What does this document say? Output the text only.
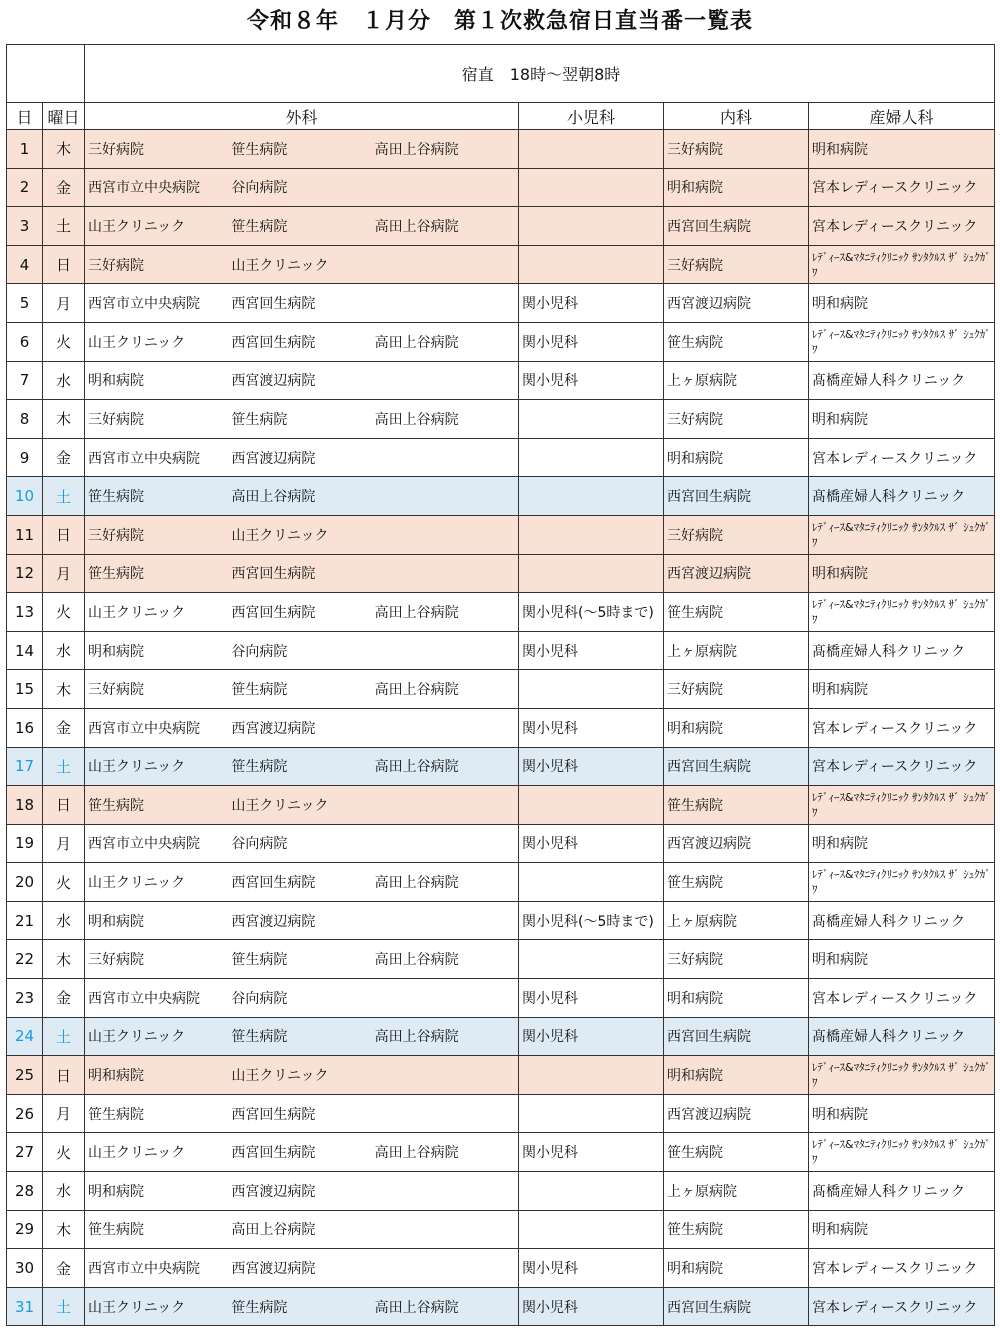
令和８年　１月分　第１次救急宿日直当番一覧表
		宿直　18時～翌朝8時			
日	曜日	外科	小児科	内科	産婦人科
1	木	三好病院 笹生病院 高田上谷病院		三好病院	明和病院
2	金	西宮市立中央病院 谷向病院		明和病院	宮本レディースクリニック
3	土	山王クリニック 笹生病院 高田上谷病院		西宮回生病院	宮本レディースクリニック
4	日	三好病院 山王クリニック		三好病院	ﾚﾃﾞｨｰｽ&ﾏﾀﾆﾃｨｸﾘﾆｯｸ ｻﾝﾀｸﾙｽ ｻﾞ ｼｭｸｶﾞﾜ
5	月	西宮市立中央病院 西宮回生病院	関小児科	西宮渡辺病院	明和病院
6	火	山王クリニック 西宮回生病院 高田上谷病院	関小児科	笹生病院	ﾚﾃﾞｨｰｽ&ﾏﾀﾆﾃｨｸﾘﾆｯｸ ｻﾝﾀｸﾙｽ ｻﾞ ｼｭｸｶﾞﾜ
7	水	明和病院 西宮渡辺病院	関小児科	上ヶ原病院	髙橋産婦人科クリニック
8	木	三好病院 笹生病院 高田上谷病院		三好病院	明和病院
9	金	西宮市立中央病院 西宮渡辺病院		明和病院	宮本レディースクリニック
10	土	笹生病院 高田上谷病院		西宮回生病院	髙橋産婦人科クリニック
11	日	三好病院 山王クリニック		三好病院	ﾚﾃﾞｨｰｽ&ﾏﾀﾆﾃｨｸﾘﾆｯｸ ｻﾝﾀｸﾙｽ ｻﾞ ｼｭｸｶﾞﾜ
12	月	笹生病院 西宮回生病院		西宮渡辺病院	明和病院
13	火	山王クリニック 西宮回生病院 高田上谷病院	関小児科(～5時まで)	笹生病院	ﾚﾃﾞｨｰｽ&ﾏﾀﾆﾃｨｸﾘﾆｯｸ ｻﾝﾀｸﾙｽ ｻﾞ ｼｭｸｶﾞﾜ
14	水	明和病院 谷向病院	関小児科	上ヶ原病院	髙橋産婦人科クリニック
15	木	三好病院 笹生病院 高田上谷病院		三好病院	明和病院
16	金	西宮市立中央病院 西宮渡辺病院	関小児科	明和病院	宮本レディースクリニック
17	土	山王クリニック 笹生病院 高田上谷病院	関小児科	西宮回生病院	宮本レディースクリニック
18	日	笹生病院 山王クリニック		笹生病院	ﾚﾃﾞｨｰｽ&ﾏﾀﾆﾃｨｸﾘﾆｯｸ ｻﾝﾀｸﾙｽ ｻﾞ ｼｭｸｶﾞﾜ
19	月	西宮市立中央病院 谷向病院	関小児科	西宮渡辺病院	明和病院
20	火	山王クリニック 西宮回生病院 高田上谷病院		笹生病院	ﾚﾃﾞｨｰｽ&ﾏﾀﾆﾃｨｸﾘﾆｯｸ ｻﾝﾀｸﾙｽ ｻﾞ ｼｭｸｶﾞﾜ
21	水	明和病院 西宮渡辺病院	関小児科(～5時まで)	上ヶ原病院	髙橋産婦人科クリニック
22	木	三好病院 笹生病院 高田上谷病院		三好病院	明和病院
23	金	西宮市立中央病院 谷向病院	関小児科	明和病院	宮本レディースクリニック
24	土	山王クリニック 笹生病院 高田上谷病院	関小児科	西宮回生病院	髙橋産婦人科クリニック
25	日	明和病院 山王クリニック		明和病院	ﾚﾃﾞｨｰｽ&ﾏﾀﾆﾃｨｸﾘﾆｯｸ ｻﾝﾀｸﾙｽ ｻﾞ ｼｭｸｶﾞﾜ
26	月	笹生病院 西宮回生病院		西宮渡辺病院	明和病院
27	火	山王クリニック 西宮回生病院 高田上谷病院	関小児科	笹生病院	ﾚﾃﾞｨｰｽ&ﾏﾀﾆﾃｨｸﾘﾆｯｸ ｻﾝﾀｸﾙｽ ｻﾞ ｼｭｸｶﾞﾜ
28	水	明和病院 西宮渡辺病院		上ヶ原病院	髙橋産婦人科クリニック
29	木	笹生病院 高田上谷病院		笹生病院	明和病院
30	金	西宮市立中央病院 西宮渡辺病院	関小児科	明和病院	宮本レディースクリニック
31	土	山王クリニック 笹生病院 高田上谷病院	関小児科	西宮回生病院	宮本レディースクリニック
